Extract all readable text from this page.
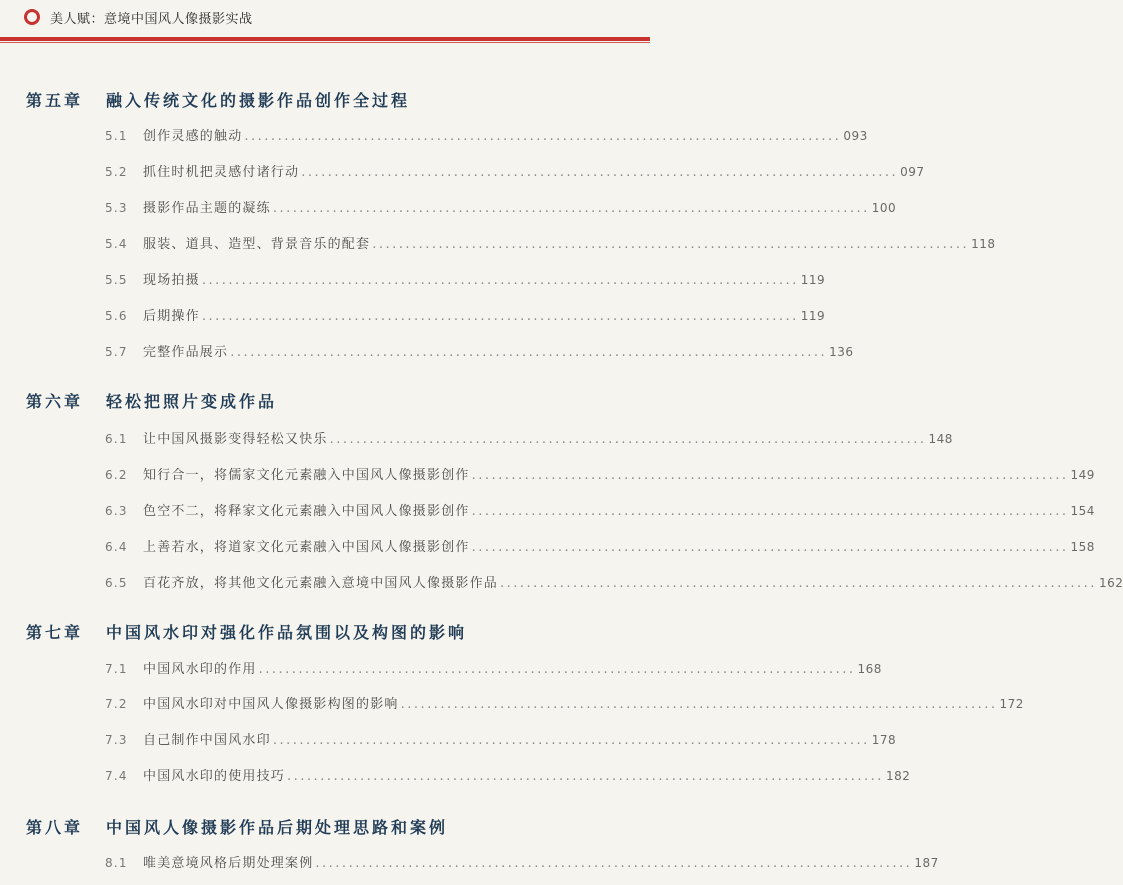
美人赋：意境中国风人像摄影实战
第五章	融入传统文化的摄影作品创作全过程
5.1	创作灵感的触动 .......................................................................................... 093
5.2	抓住时机把灵感付诸行动 .......................................................................................... 097
5.3	摄影作品主题的凝练 .......................................................................................... 100
5.4	服装、道具、造型、背景音乐的配套 .......................................................................................... 118
5.5	现场拍摄 .......................................................................................... 119
5.6	后期操作 .......................................................................................... 119
5.7	完整作品展示 .......................................................................................... 136
第六章	轻松把照片变成作品
6.1	让中国风摄影变得轻松又快乐 .......................................................................................... 148
6.2	知行合一，将儒家文化元素融入中国风人像摄影创作 .......................................................................................... 149
6.3	色空不二，将释家文化元素融入中国风人像摄影创作 .......................................................................................... 154
6.4	上善若水，将道家文化元素融入中国风人像摄影创作 .......................................................................................... 158
6.5	百花齐放，将其他文化元素融入意境中国风人像摄影作品 .......................................................................................... 162
第七章	中国风水印对强化作品氛围以及构图的影响
7.1	中国风水印的作用 .......................................................................................... 168
7.2	中国风水印对中国风人像摄影构图的影响 .......................................................................................... 172
7.3	自己制作中国风水印 .......................................................................................... 178
7.4	中国风水印的使用技巧 .......................................................................................... 182
第八章	中国风人像摄影作品后期处理思路和案例
8.1	唯美意境风格后期处理案例 .......................................................................................... 187
